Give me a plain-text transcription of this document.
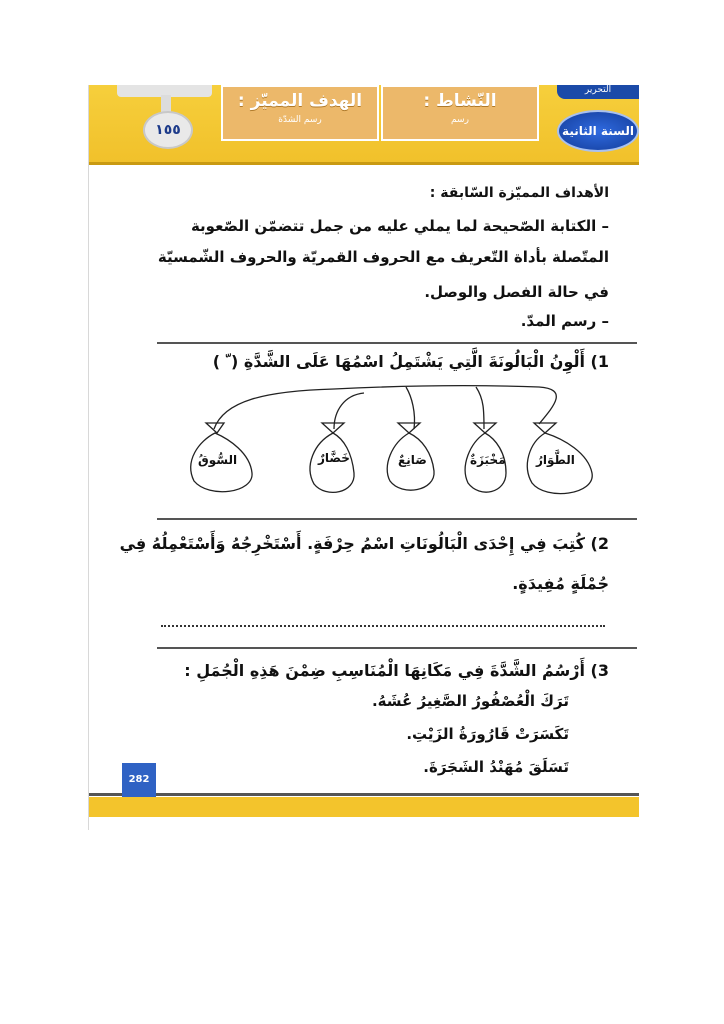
١٥٥
الهدف المميّز :
رسم الشدّة
النّشاط :
رسم
التحرير
السنة الثانية
الأهداف المميّزة السّابقة :
– الكتابة الصّحيحة لما يملي عليه من جمل تتضمّن الصّعوبة
المتّصلة بأداة التّعريف مع الحروف القمريّة والحروف الشّمسيّة
في حالة الفصل والوصل.
– رسم المدّ.
1) أَلْوِنُ الْبَالُونَةَ الَّتِي يَشْتَمِلُ اسْمُهَا عَلَى الشَّدَّةِ ( ّ )
الطَّوَارُ
مَخْبَزَةٌ
صَانِعٌ
خَضَّارٌ
السُّوقُ
2) كُتِبَ فِي إِحْدَى الْبَالُونَاتِ اسْمُ حِرْفَةٍ. أَسْتَخْرِجُهُ وَأَسْتَعْمِلُهُ فِي
جُمْلَةٍ مُفِيدَةٍ.
3) أَرْسُمُ الشَّدَّةَ فِي مَكَانِهَا الْمُنَاسِبِ ضِمْنَ هَذِهِ الْجُمَلِ :
تَرَكَ الْعُصْفُورُ الصَّغِيرُ عُشَهُ.
تَكَسَرَتْ قَارُورَةُ الزَيْتِ.
تَسَلَقَ مُهَنْدُ الشَجَرَةَ.
282
